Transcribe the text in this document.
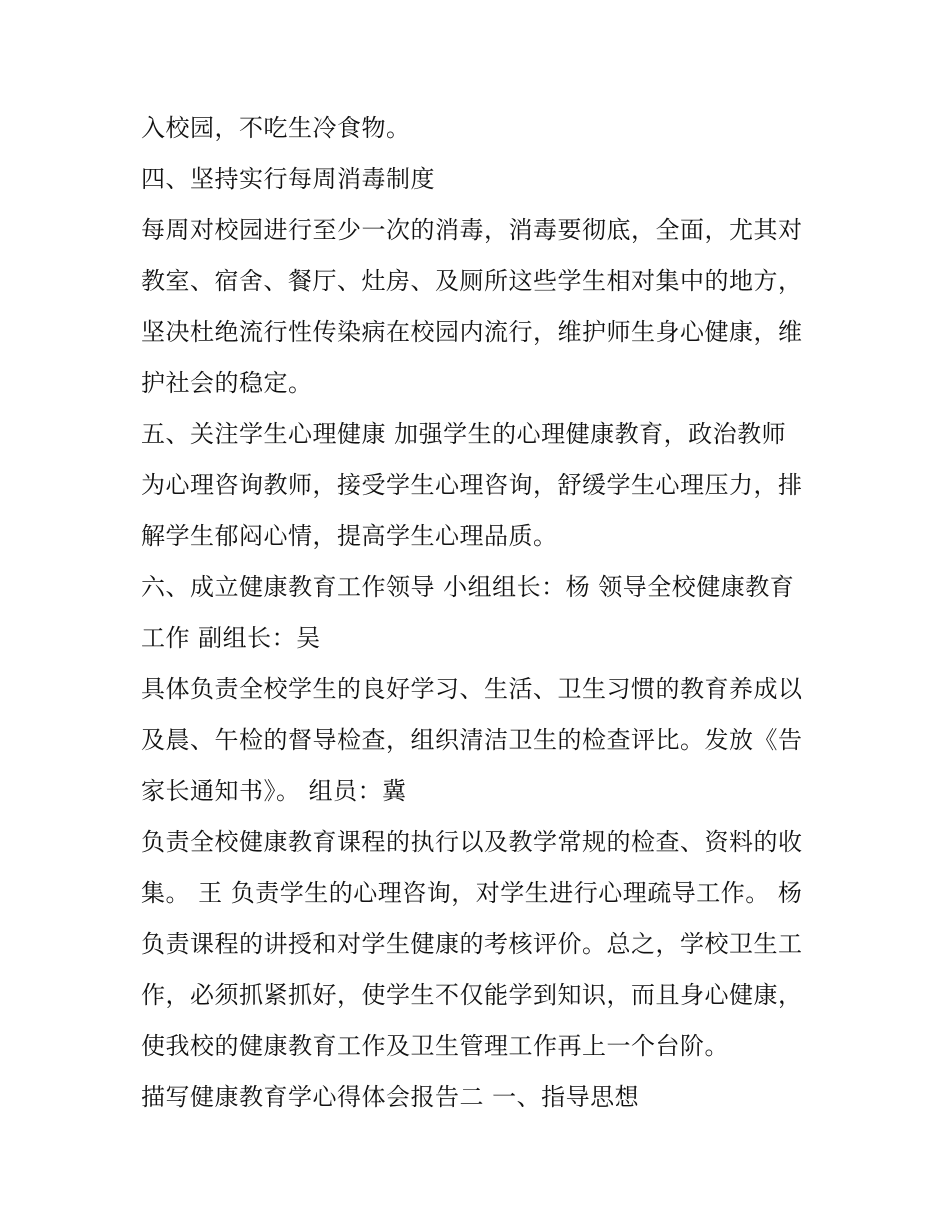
入校园，不吃生冷食物。
四、坚持实行每周消毒制度
每周对校园进行至少一次的消毒，消毒要彻底，全面，尤其对
教室、宿舍、餐厅、灶房、及厕所这些学生相对集中的地方，
坚决杜绝流行性传染病在校园内流行，维护师生身心健康，维
护社会的稳定。
五、关注学生心理健康 加强学生的心理健康教育，政治教师
为心理咨询教师，接受学生心理咨询，舒缓学生心理压力，排
解学生郁闷心情，提高学生心理品质。
六、成立健康教育工作领导 小组组长：杨 领导全校健康教育
工作 副组长：吴
具体负责全校学生的良好学习、生活、卫生习惯的教育养成以
及晨、午检的督导检查，组织清洁卫生的检查评比。发放《告
家长通知书》。 组员：冀
负责全校健康教育课程的执行以及教学常规的检查、资料的收
集。 王 负责学生的心理咨询，对学生进行心理疏导工作。 杨
负责课程的讲授和对学生健康的考核评价。总之，学校卫生工
作，必须抓紧抓好，使学生不仅能学到知识，而且身心健康，
使我校的健康教育工作及卫生管理工作再上一个台阶。
描写健康教育学心得体会报告二 一、指导思想
